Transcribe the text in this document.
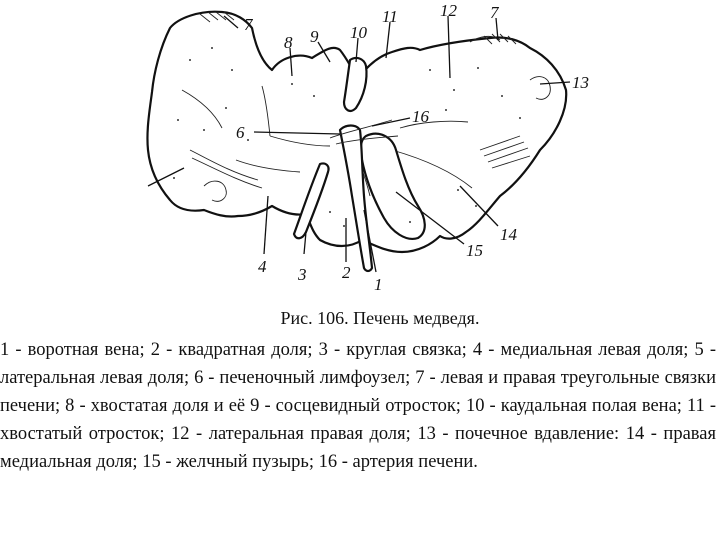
7
8 9 10
11 12 7
13
6
16
14
15
1
2
3
4
Рис. 106. Печень медведя.
1 - воротная вена; 2 - квадратная доля; 3 - круглая связка; 4 - медиальная левая доля; 5 - латеральная левая доля; 6 - печеночный лимфоузел; 7 - левая и правая треугольные связки печени; 8 - хвостатая доля и её 9 - сосцевидный отросток; 10 - каудальная полая вена; 11 - хвостатый отросток; 12 - латеральная правая доля; 13 - почечное вдавление: 14 - правая медиальная доля; 15 - желчный пузырь; 16 - артерия печени.
